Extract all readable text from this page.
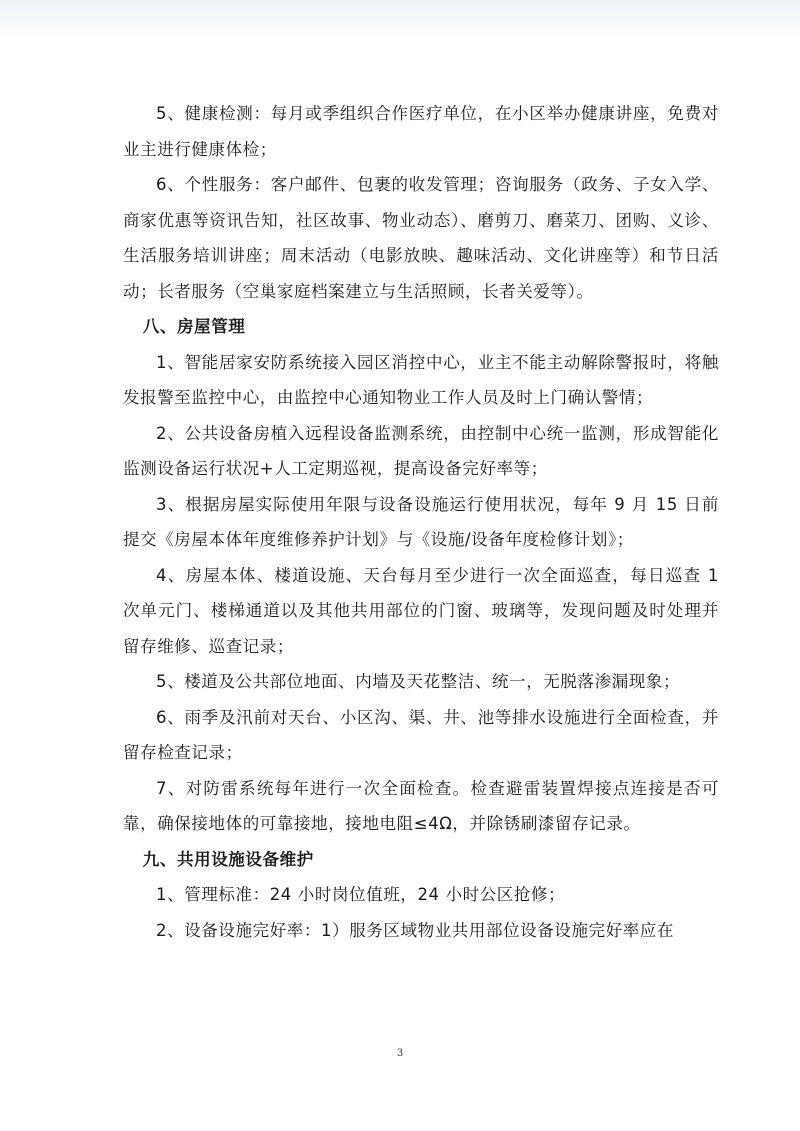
5、健康检测：每月或季组织合作医疗单位，在小区举办健康讲座，免费对业主进行健康体检；

6、个性服务：客户邮件、包裹的收发管理；咨询服务（政务、子女入学、商家优惠等资讯告知，社区故事、物业动态）、磨剪刀、磨菜刀、团购、义诊、生活服务培训讲座；周末活动（电影放映、趣味活动、文化讲座等）和节日活动；长者服务（空巢家庭档案建立与生活照顾，长者关爱等）。

八、房屋管理

1、智能居家安防系统接入园区消控中心，业主不能主动解除警报时，将触发报警至监控中心，由监控中心通知物业工作人员及时上门确认警情；

2、公共设备房植入远程设备监测系统，由控制中心统一监测，形成智能化监测设备运行状况+人工定期巡视，提高设备完好率等；

3、根据房屋实际使用年限与设备设施运行使用状况，每年 9 月 15 日前提交《房屋本体年度维修养护计划》与《设施/设备年度检修计划》；

4、房屋本体、楼道设施、天台每月至少进行一次全面巡查，每日巡查 1 次单元门、楼梯通道以及其他共用部位的门窗、玻璃等，发现问题及时处理并留存维修、巡查记录；

5、楼道及公共部位地面、内墙及天花整洁、统一，无脱落渗漏现象；

6、雨季及汛前对天台、小区沟、渠、井、池等排水设施进行全面检查，并留存检查记录；

7、对防雷系统每年进行一次全面检查。检查避雷装置焊接点连接是否可靠，确保接地体的可靠接地，接地电阻≤4Ω，并除锈刷漆留存记录。

九、共用设施设备维护

1、管理标准：24 小时岗位值班，24 小时公区抢修；

2、设备设施完好率：1）服务区域物业共用部位设备设施完好率应在

3
